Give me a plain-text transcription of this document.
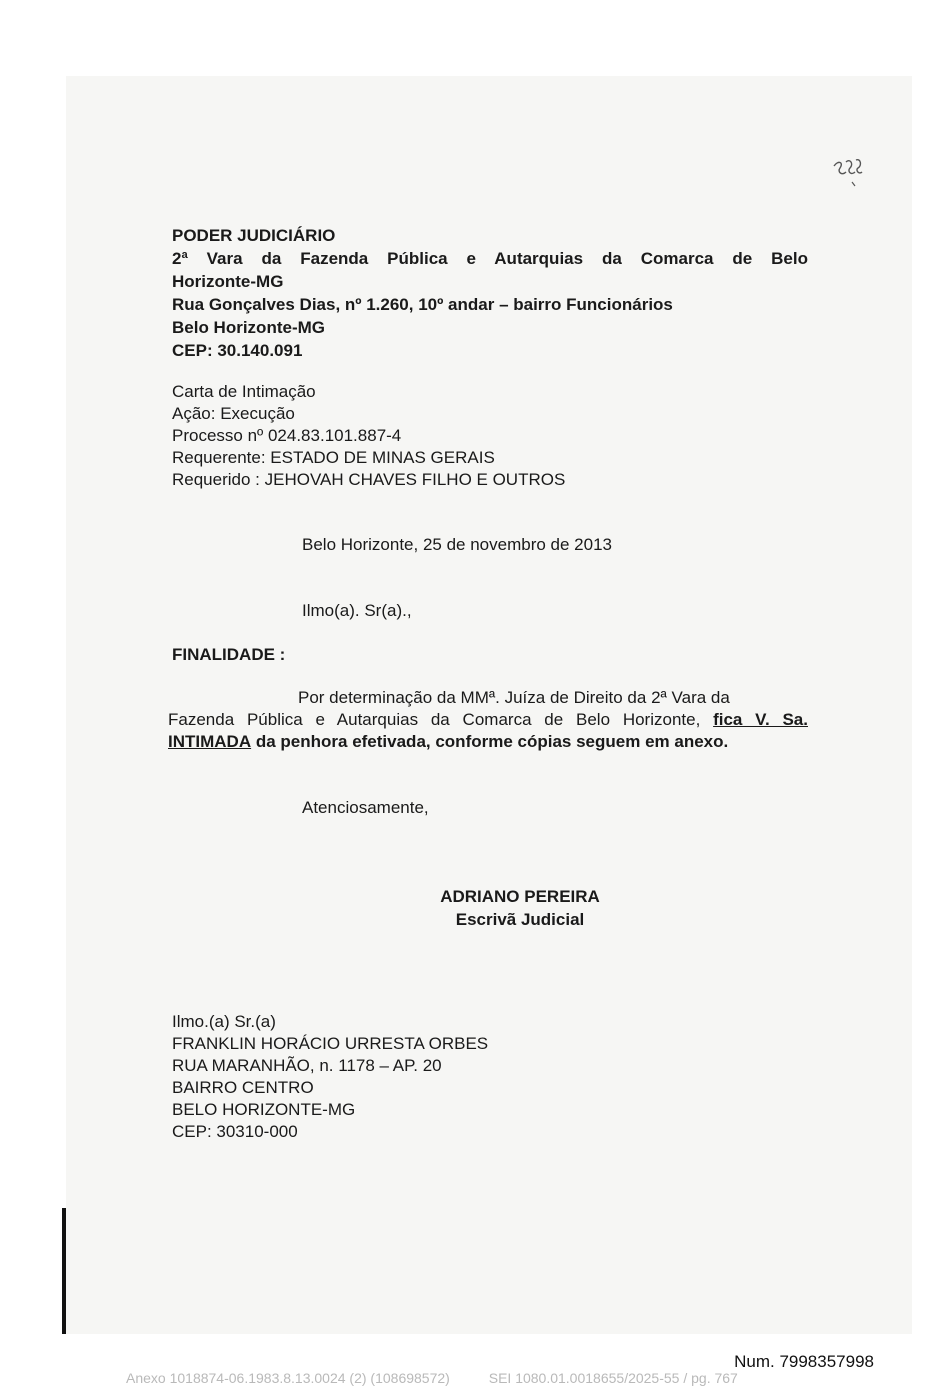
PODER JUDICIÁRIO
2ª Vara da Fazenda Pública e Autarquias da Comarca de Belo
Horizonte-MG
Rua Gonçalves Dias, nº 1.260, 10º andar – bairro Funcionários
Belo Horizonte-MG
CEP: 30.140.091
Carta de Intimação
Ação: Execução
Processo nº 024.83.101.887-4
Requerente: ESTADO DE MINAS GERAIS
Requerido : JEHOVAH CHAVES FILHO E OUTROS
Belo Horizonte, 25 de novembro de 2013
Ilmo(a). Sr(a).,
FINALIDADE :
Por determinação da MMª. Juíza de Direito da 2ª Vara da
Fazenda Pública e Autarquias da Comarca de Belo Horizonte, fica V. Sa.
INTIMADA da penhora efetivada, conforme cópias seguem em anexo.
Atenciosamente,
ADRIANO PEREIRA
Escrivã Judicial
Ilmo.(a) Sr.(a)
FRANKLIN HORÁCIO URRESTA ORBES
RUA MARANHÃO, n. 1178 – AP. 20
BAIRRO CENTRO
BELO HORIZONTE-MG
CEP: 30310-000
Num. 7998357998
Anexo 1018874-06.1983.8.13.0024 (2) (108698572)	SEI 1080.01.0018655/2025-55 / pg. 767
